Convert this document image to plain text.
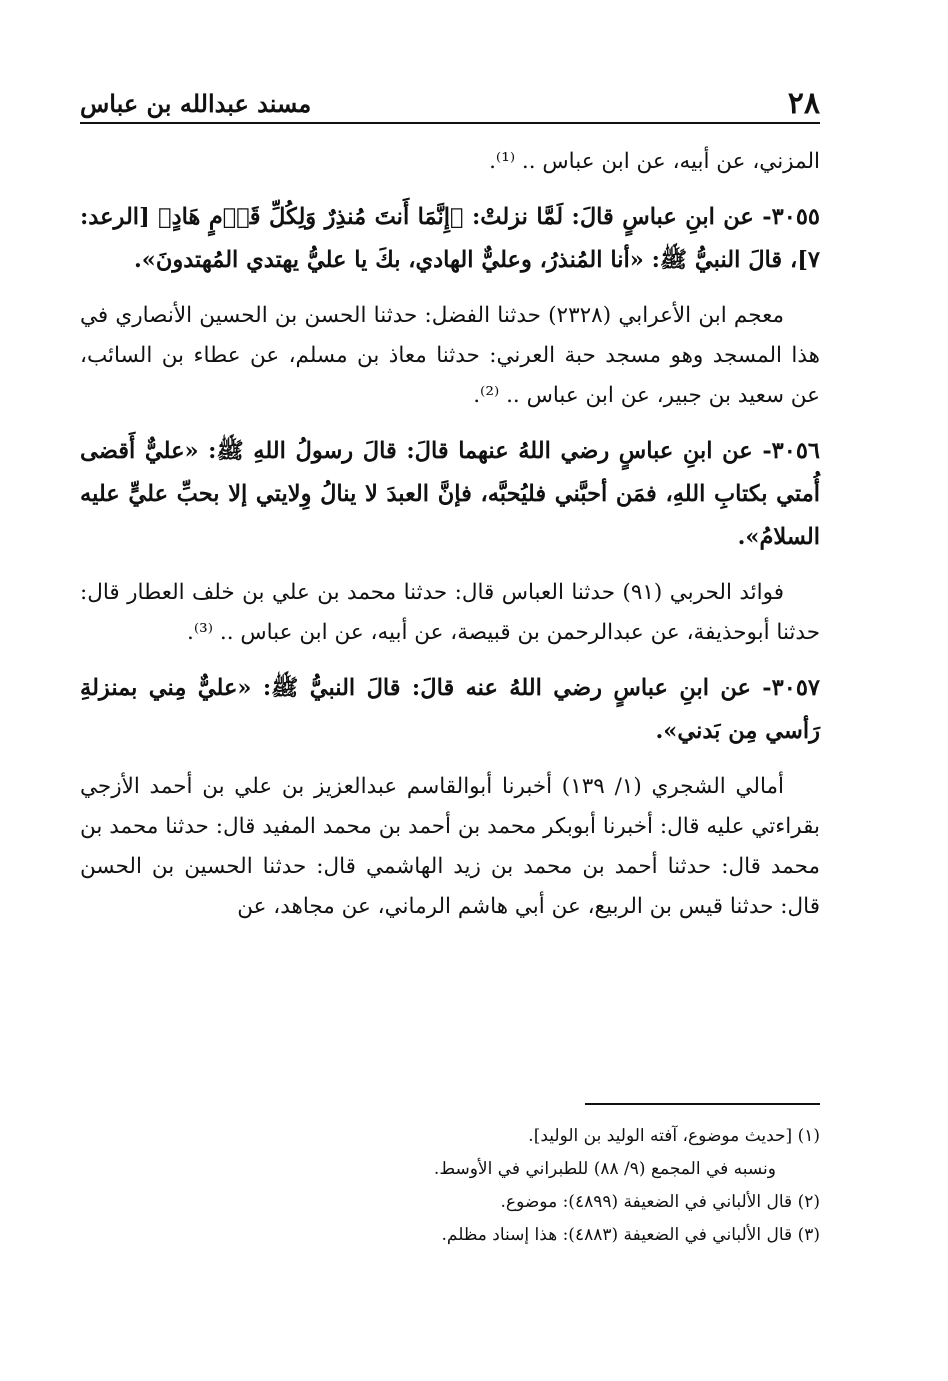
٢٨
مسند عبدالله بن عباس

المزني، عن أبيه، عن ابن عباس .. ⁽¹⁾.

٣٠٥٥- عن ابنِ عباسٍ قالَ: لَمَّا نزلتْ: ﴿إِنَّمَا أَنتَ مُنذِرٌ وَلِكُلِّ قَوۡمٍ هَادٍ﴾ [الرعد: ٧]، قالَ النبيُّ ﷺ: «أنا المُنذرُ، وعليٌّ الهادي، بكَ يا عليُّ يهتدي المُهتدونَ».

معجم ابن الأعرابي (٢٣٢٨) حدثنا الفضل: حدثنا الحسن بن الحسين الأنصاري في هذا المسجد وهو مسجد حبة العرني: حدثنا معاذ بن مسلم، عن عطاء بن السائب، عن سعيد بن جبير، عن ابن عباس .. ⁽²⁾.

٣٠٥٦- عن ابنِ عباسٍ رضي اللهُ عنهما قالَ: قالَ رسولُ اللهِ ﷺ: «عليٌّ أَقضى أُمتي بكتابِ اللهِ، فمَن أحبَّني فليُحبَّه، فإنَّ العبدَ لا ينالُ وِلايتي إلا بحبِّ عليٍّ عليه السلامُ».

فوائد الحربي (٩١) حدثنا العباس قال: حدثنا محمد بن علي بن خلف العطار قال: حدثنا أبوحذيفة، عن عبدالرحمن بن قبيصة، عن أبيه، عن ابن عباس .. ⁽³⁾.

٣٠٥٧- عن ابنِ عباسٍ رضي اللهُ عنه قالَ: قالَ النبيُّ ﷺ: «عليٌّ مِني بمنزلةِ رَأسي مِن بَدني».

أمالي الشجري (١/ ١٣٩) أخبرنا أبوالقاسم عبدالعزيز بن علي بن أحمد الأزجي بقراءتي عليه قال: أخبرنا أبوبكر محمد بن أحمد بن محمد المفيد قال: حدثنا محمد بن محمد قال: حدثنا أحمد بن محمد بن زيد الهاشمي قال: حدثنا الحسين بن الحسن قال: حدثنا قيس بن الربيع، عن أبي هاشم الرماني، عن مجاهد، عن

(١) [حديث موضوع، آفته الوليد بن الوليد].

ونسبه في المجمع (٩/ ٨٨) للطبراني في الأوسط.

(٢) قال الألباني في الضعيفة (٤٨٩٩): موضوع.

(٣) قال الألباني في الضعيفة (٤٨٨٣): هذا إسناد مظلم.
